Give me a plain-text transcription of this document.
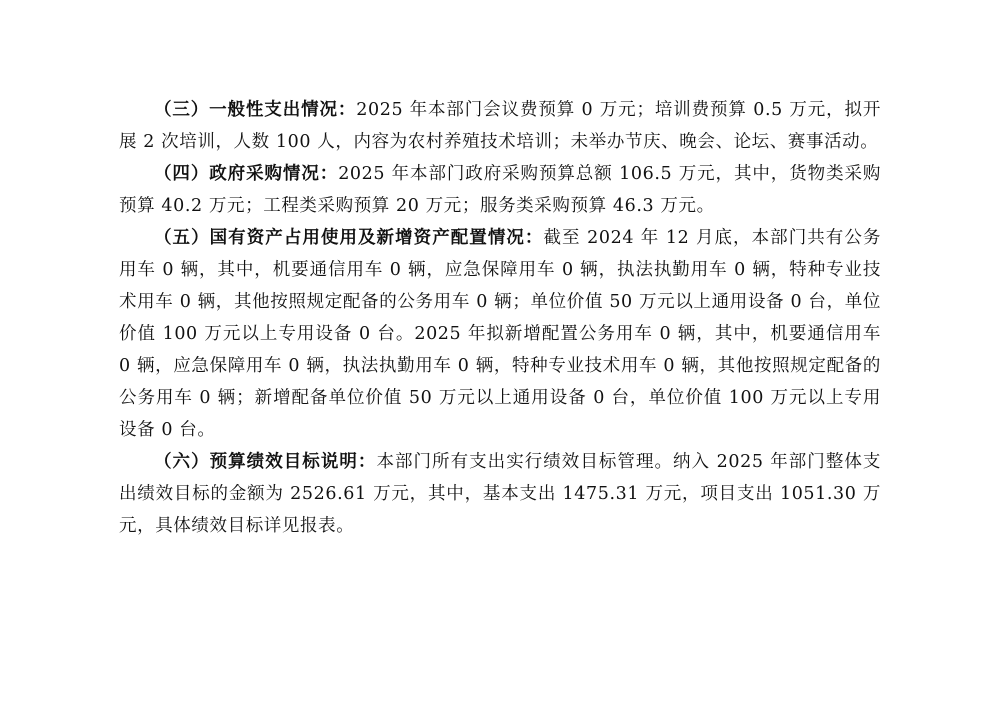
（三）一般性支出情况：2025 年本部门会议费预算 0 万元；培训费预算 0.5 万元，拟开展 2 次培训，人数 100 人，内容为农村养殖技术培训；未举办节庆、晚会、论坛、赛事活动。

（四）政府采购情况：2025 年本部门政府采购预算总额 106.5 万元，其中，货物类采购预算 40.2 万元；工程类采购预算 20 万元；服务类采购预算 46.3 万元。

（五）国有资产占用使用及新增资产配置情况：截至 2024 年 12 月底，本部门共有公务用车 0 辆，其中，机要通信用车 0 辆，应急保障用车 0 辆，执法执勤用车 0 辆，特种专业技术用车 0 辆，其他按照规定配备的公务用车 0 辆；单位价值 50 万元以上通用设备 0 台，单位价值 100 万元以上专用设备 0 台。2025 年拟新增配置公务用车 0 辆，其中，机要通信用车 0 辆，应急保障用车 0 辆，执法执勤用车 0 辆，特种专业技术用车 0 辆，其他按照规定配备的公务用车 0 辆；新增配备单位价值 50 万元以上通用设备 0 台，单位价值 100 万元以上专用设备 0 台。

（六）预算绩效目标说明：本部门所有支出实行绩效目标管理。纳入 2025 年部门整体支出绩效目标的金额为 2526.61 万元，其中，基本支出 1475.31 万元，项目支出 1051.30 万元，具体绩效目标详见报表。
